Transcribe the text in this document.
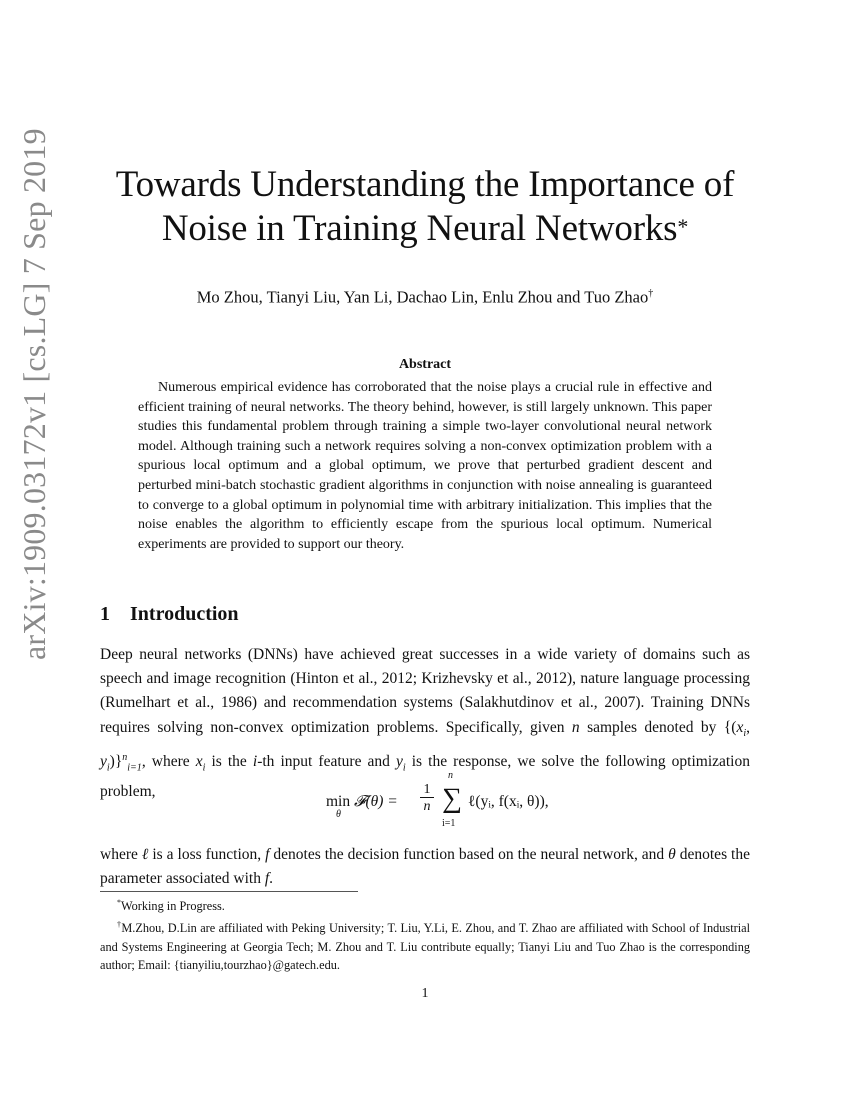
arXiv:1909.03172v1 [cs.LG] 7 Sep 2019	Towards Understanding the Importance of
Noise in Training Neural Networks*
Mo Zhou, Tianyi Liu, Yan Li, Dachao Lin, Enlu Zhou and Tuo Zhao†
Abstract

Numerous empirical evidence has corroborated that the noise plays a crucial rule in effective and efficient training of neural networks. The theory behind, however, is still largely unknown. This paper studies this fundamental problem through training a simple two-layer convolutional neural network model. Although training such a network requires solving a non-convex optimization problem with a spurious local optimum and a global optimum, we prove that perturbed gradient descent and perturbed mini-batch stochastic gradient algorithms in conjunction with noise annealing is guaranteed to converge to a global optimum in polynomial time with arbitrary initialization. This implies that the noise enables the algorithm to efficiently escape from the spurious local optimum. Numerical experiments are provided to support our theory.

1 Introduction

Deep neural networks (DNNs) have achieved great successes in a wide variety of domains such as speech and image recognition (Hinton et al., 2012; Krizhevsky et al., 2012), nature language processing (Rumelhart et al., 1986) and recommendation systems (Salakhutdinov et al., 2007). Training DNNs requires solving non-convex optimization problems. Specifically, given n samples denoted by {($x_i$, $y_i)\}^n_{i=1}$, where $x_i$ is the i-th input feature and $y_i$ is the response, we solve the following optimization problem,

min
θ
𝓕(θ) = $\frac{1}{n}$
n
∑
i=1
ℓ(yᵢ, f(xᵢ, θ)),

where ℓ is a loss function, f denotes the decision function based on the neural network, and θ denotes the parameter associated with f.

*Working in Progress.

†M.Zhou, D.Lin are affiliated with Peking University; T. Liu, Y.Li, E. Zhou, and T. Zhao are affiliated with School of Industrial and Systems Engineering at Georgia Tech; M. Zhou and T. Liu contribute equally; Tianyi Liu and Tuo Zhao is the corresponding author; Email: {tianyiliu,tourzhao}@gatech.edu.

1
